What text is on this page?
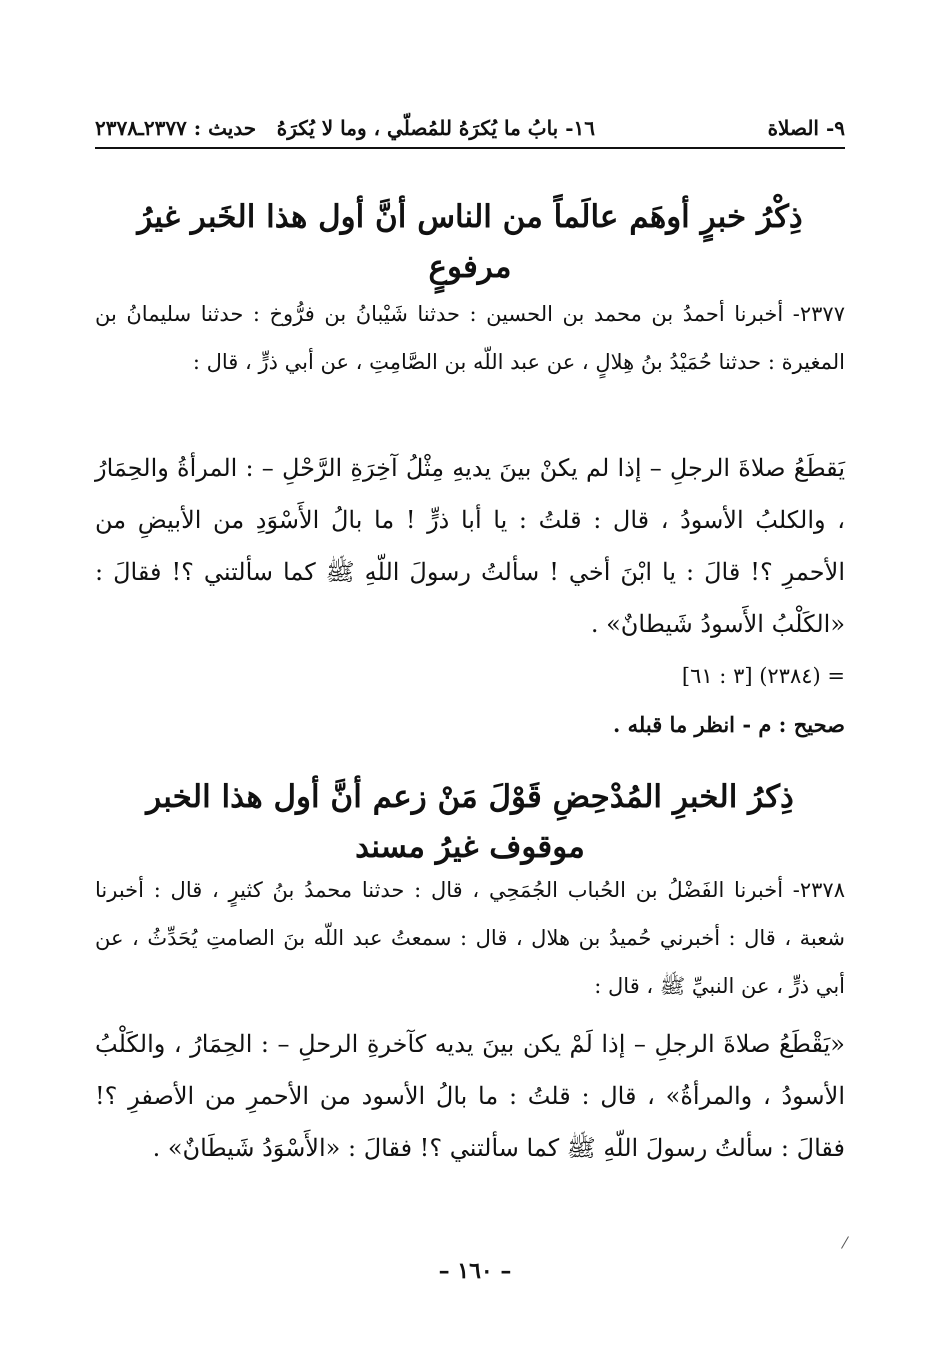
٩- الصلاة
١٦- بابُ ما يُكرَهُ للمُصلّي ، وما لا يُكرَهُ
حديث : ٢٣٧٧ـ٢٣٧٨
ذِكْرُ خبرٍ أوهَم عالَماً من الناس أنَّ أول هذا الخَبر غيرُ مرفوعٍ
٢٣٧٧- أخبرنا أحمدُ بن محمد بن الحسين : حدثنا شَيْبانُ بن فرُّوخ : حدثنا سليمانُ بن المغيرة : حدثنا حُمَيْدُ بنُ هِلالٍ ، عن عبد اللّه بن الصَّامِتِ ، عن أبي ذرٍّ ، قال :
يَقطَعُ صلاةَ الرجلِ – إذا لم يكنْ بينَ يديهِ مِثْلُ آخِرَةِ الرَّحْلِ – : المرأةُ والحِمَارُ ، والكلبُ الأسودُ ، قال : قلتُ : يا أبا ذرٍّ ! ما بالُ الأَسْوَدِ من الأبيضِ من الأحمرِ ؟! قالَ : يا ابْنَ أخي ! سألتُ رسولَ اللّهِ ﷺ كما سألتني ؟! فقالَ : «الكَلْبُ الأَسودُ شَيطانٌ» .
= (٢٣٨٤) [٣ : ٦١]
صحيح : م - انظر ما قبله .
ذِكرُ الخبرِ المُدْحِضِ قَوْلَ مَنْ زعم أنَّ أول هذا الخبر موقوف غيرُ مسند
٢٣٧٨- أخبرنا الفَضْلُ بن الحُباب الجُمَحِي ، قال : حدثنا محمدُ بنُ كثيرٍ ، قال : أخبرنا شعبة ، قال : أخبرني حُميدُ بن هلال ، قال : سمعتُ عبد اللّه بنَ الصامتِ يُحَدِّثُ ، عن أبي ذرٍّ ، عن النبيِّ ﷺ ، قال :
«يَقْطَعُ صلاةَ الرجلِ – إذا لَمْ يكن بينَ يديه كآخرةِ الرحلِ – : الحِمَارُ ، والكَلْبُ الأسودُ ، والمرأةُ» ، قال : قلتُ : ما بالُ الأسود من الأحمرِ من الأصفرِ ؟! فقالَ : سألتُ رسولَ اللّهِ ﷺ كما سألتني ؟! فقالَ : «الأَسْوَدُ شَيطَانٌ» .
– ١٦٠ –
